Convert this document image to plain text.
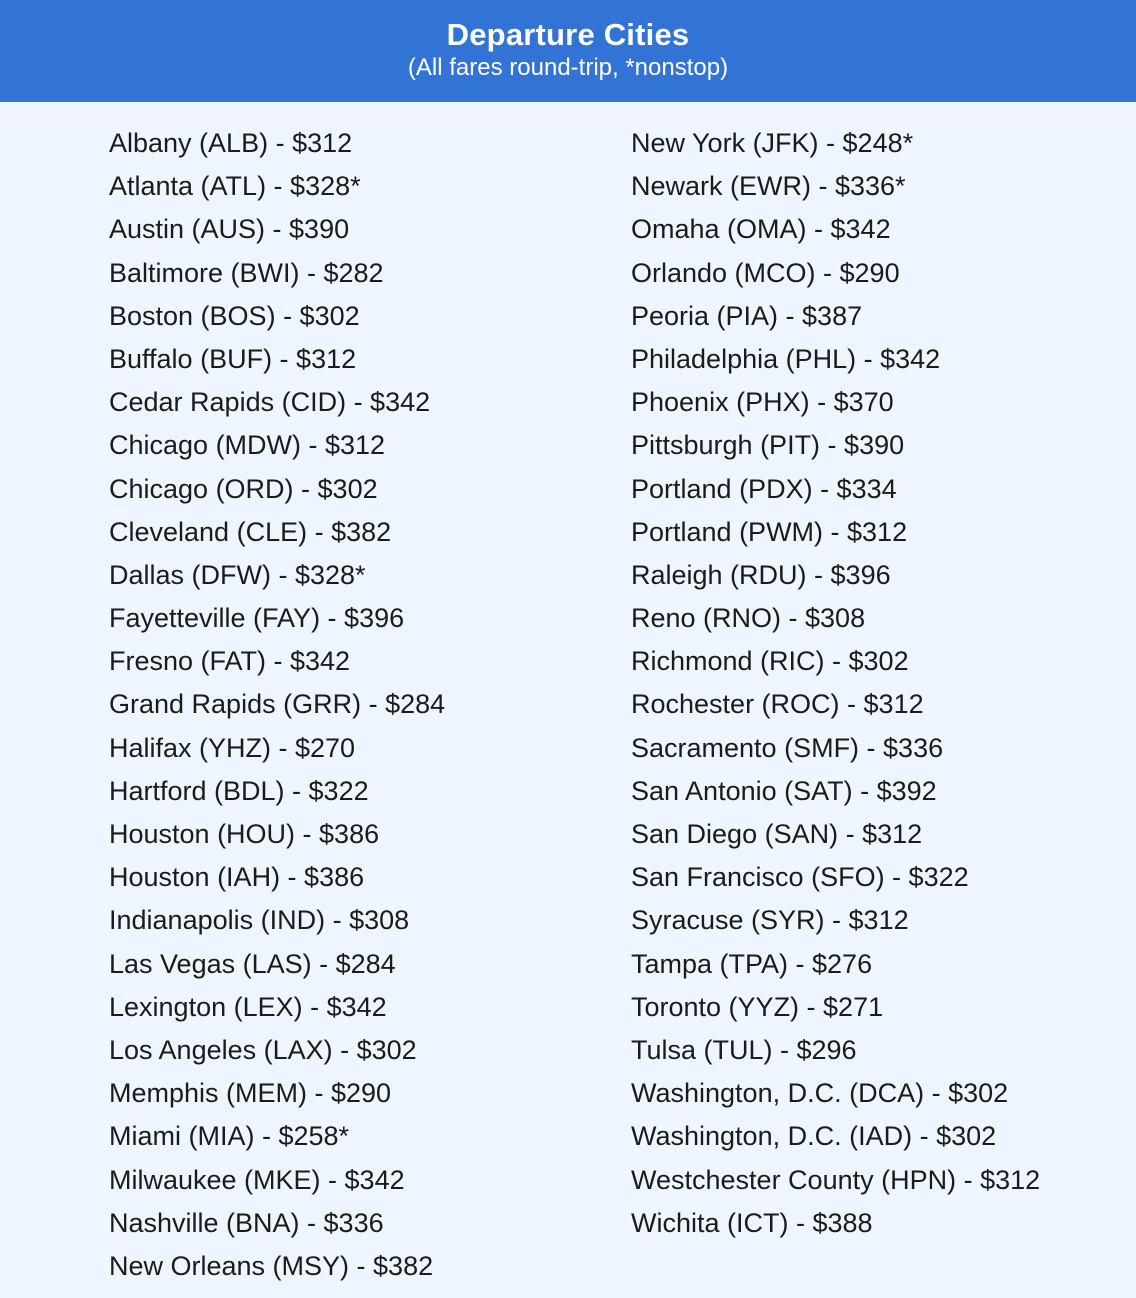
Departure Cities
(All fares round-trip, *nonstop)
Albany (ALB) - $312
Atlanta (ATL) - $328*
Austin (AUS) - $390
Baltimore (BWI) - $282
Boston (BOS) - $302
Buffalo (BUF) - $312
Cedar Rapids (CID) - $342
Chicago (MDW) - $312
Chicago (ORD) - $302
Cleveland (CLE) - $382
Dallas (DFW) - $328*
Fayetteville (FAY) - $396
Fresno (FAT) - $342
Grand Rapids (GRR) - $284
Halifax (YHZ) - $270
Hartford (BDL) - $322
Houston (HOU) - $386
Houston (IAH) - $386
Indianapolis (IND) - $308
Las Vegas (LAS) - $284
Lexington (LEX) - $342
Los Angeles (LAX) - $302
Memphis (MEM) - $290
Miami (MIA) - $258*
Milwaukee (MKE) - $342
Nashville (BNA) - $336
New Orleans (MSY) - $382
New York (JFK) - $248*
Newark (EWR) - $336*
Omaha (OMA) - $342
Orlando (MCO) - $290
Peoria (PIA) - $387
Philadelphia (PHL) - $342
Phoenix (PHX) - $370
Pittsburgh (PIT) - $390
Portland (PDX) - $334
Portland (PWM) - $312
Raleigh (RDU) - $396
Reno (RNO) - $308
Richmond (RIC) - $302
Rochester (ROC) - $312
Sacramento (SMF) - $336
San Antonio (SAT) - $392
San Diego (SAN) - $312
San Francisco (SFO) - $322
Syracuse (SYR) - $312
Tampa (TPA) - $276
Toronto (YYZ) - $271
Tulsa (TUL) - $296
Washington, D.C. (DCA) - $302
Washington, D.C. (IAD) - $302
Westchester County (HPN) - $312
Wichita (ICT) - $388
